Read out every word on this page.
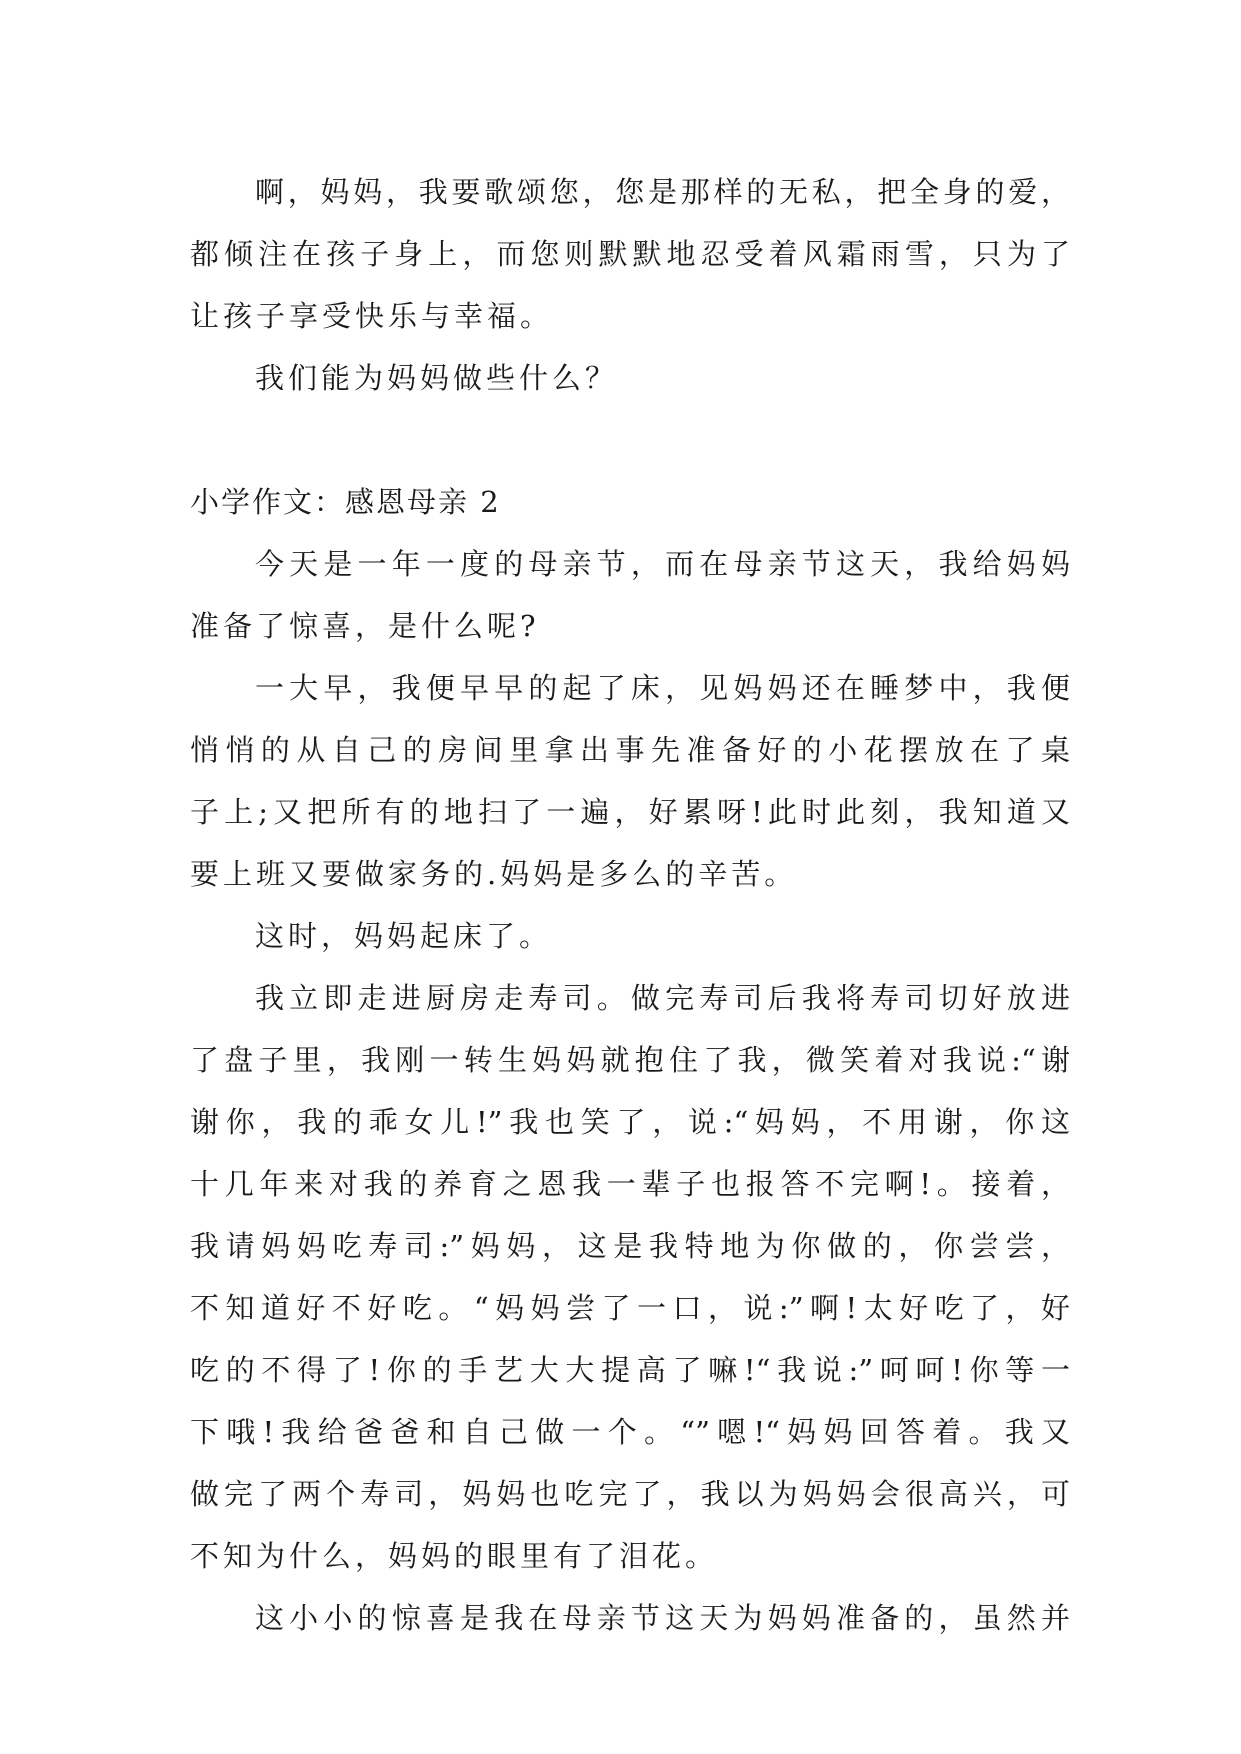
啊，妈妈，我要歌颂您，您是那样的无私，把全身的爱，
都倾注在孩子身上，而您则默默地忍受着风霜雨雪，只为了
让孩子享受快乐与幸福。
我们能为妈妈做些什么？
小学作文：感恩母亲 2
今天是一年一度的母亲节，而在母亲节这天，我给妈妈
准备了惊喜，是什么呢?
一大早，我便早早的起了床，见妈妈还在睡梦中，我便
悄悄的从自己的房间里拿出事先准备好的小花摆放在了桌
子上;又把所有的地扫了一遍，好累呀!此时此刻，我知道又
要上班又要做家务的.妈妈是多么的辛苦。
这时，妈妈起床了。
我立即走进厨房走寿司。做完寿司后我将寿司切好放进
了盘子里，我刚一转生妈妈就抱住了我，微笑着对我说:“谢
谢你，我的乖女儿!”我也笑了，说:“妈妈，不用谢，你这
十几年来对我的养育之恩我一辈子也报答不完啊!。接着，
我请妈妈吃寿司:”妈妈，这是我特地为你做的，你尝尝，
不知道好不好吃。“妈妈尝了一口，说:”啊!太好吃了，好
吃的不得了!你的手艺大大提高了嘛!“我说:”呵呵!你等一
下哦!我给爸爸和自己做一个。“”嗯!“妈妈回答着。我又
做完了两个寿司，妈妈也吃完了，我以为妈妈会很高兴，可
不知为什么，妈妈的眼里有了泪花。
这小小的惊喜是我在母亲节这天为妈妈准备的，虽然并
